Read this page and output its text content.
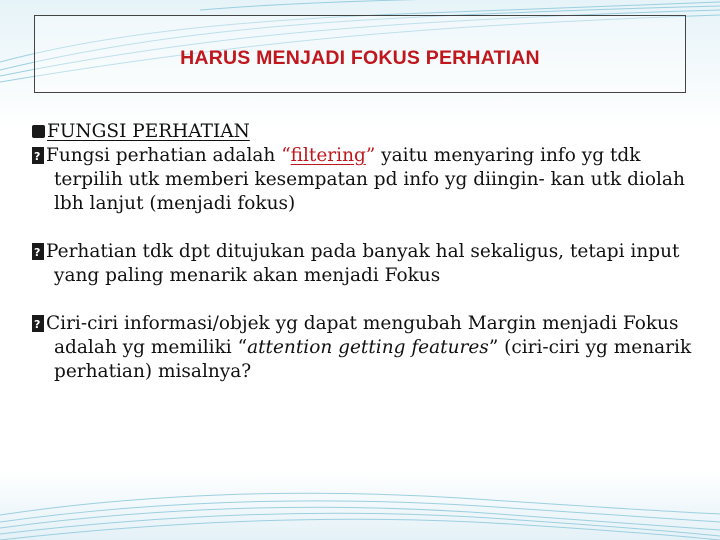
HARUS MENJADI FOKUS PERHATIAN

FUNGSI PERHATIAN

?Fungsi perhatian adalah “filtering” yaitu menyaring info yg tdk terpilih utk memberi kesempatan pd info yg diingin- kan utk diolah lbh lanjut (menjadi fokus)

?Perhatian tdk dpt ditujukan pada banyak hal sekaligus, tetapi input yang paling menarik akan menjadi Fokus

?Ciri-ciri informasi/objek yg dapat mengubah Margin menjadi Fokus adalah yg memiliki “attention getting features” (ciri-ciri yg menarik perhatian) misalnya?
